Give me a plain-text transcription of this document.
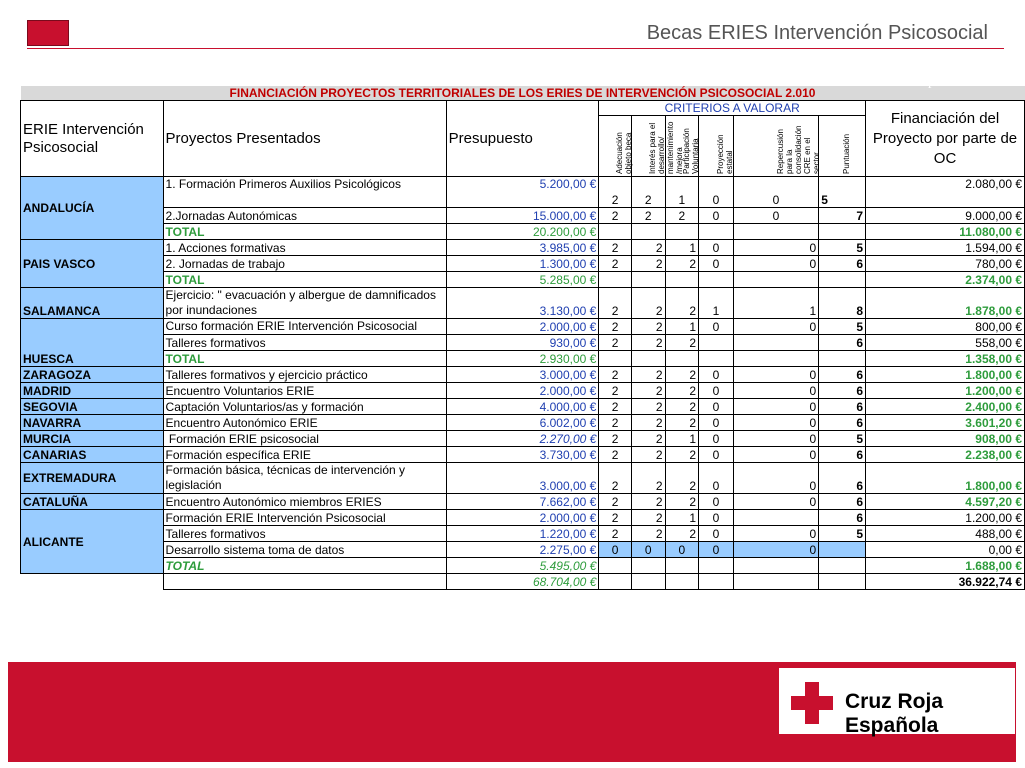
Becas ERIES Intervención Psicosocial
FINANCIACIÓN PROYECTOS TERRITORIALES DE LOS ERIES DE INTERVENCIÓN PSICOSOCIAL 2.010									
ERIE Intervención Psicosocial	Proyectos Presentados	Presupuesto	CRITERIOS A VALORAR						Financiación del Proyecto por parte de OC

			Adecuación objeto beca	Interés para el desarrollo/ mantenimiento /mejora	Participación Voluntaria	Proyección estatal	Repercusión para la consolidación CRE en el sector	Puntuación	

ANDALUCÍA	1. Formación Primeros Auxilios Psicológicos	5.200,00 €	2	2	1	0	0	5	2.080,00 €
	2.Jornadas Autonómicas	15.000,00 €	2	2	2	0	0	7	9.000,00 €
	TOTAL	20.200,00 €							11.080,00 €
PAIS VASCO	1. Acciones formativas	3.985,00 €	2	2	1	0	0	5	1.594,00 €
	2. Jornadas de trabajo	1.300,00 €	2	2	2	0	0	6	780,00 €
	TOTAL	5.285,00 €							2.374,00 €
SALAMANCA	Ejercicio: " evacuación y albergue de damnificados por inundaciones	3.130,00 €	2	2	2	1	1	8	1.878,00 €
HUESCA	Curso formación ERIE Intervención Psicosocial	2.000,00 €	2	2	1	0	0	5	800,00 €
	Talleres formativos	930,00 €	2	2	2			6	558,00 €
	TOTAL	2.930,00 €							1.358,00 €
ZARAGOZA	Talleres formativos y ejercicio práctico	3.000,00 €	2	2	2	0	0	6	1.800,00 €
MADRID	Encuentro Voluntarios ERIE	2.000,00 €	2	2	2	0	0	6	1.200,00 €
SEGOVIA	Captación Voluntarios/as y formación	4.000,00 €	2	2	2	0	0	6	2.400,00 €
NAVARRA	Encuentro Autonómico ERIE	6.002,00 €	2	2	2	0	0	6	3.601,20 €
MURCIA	Formación ERIE psicosocial	2.270,00 €	2	2	1	0	0	5	908,00 €
CANARIAS	Formación específica ERIE	3.730,00 €	2	2	2	0	0	6	2.238,00 €
EXTREMADURA	Formación básica, técnicas de intervención y legislación	3.000,00 €	2	2	2	0	0	6	1.800,00 €
CATALUÑA	Encuentro Autonómico miembros ERIES	7.662,00 €	2	2	2	0	0	6	4.597,20 €
ALICANTE	Formación ERIE Intervención Psicosocial	2.000,00 €	2	2	1	0		6	1.200,00 €
	Talleres formativos	1.220,00 €	2	2	2	0	0	5	488,00 €
	Desarrollo sistema toma de datos	2.275,00 €	0	0	0	0	0		0,00 €
	TOTAL	5.495,00 €							1.688,00 €
		68.704,00 €							36.922,74 €
Cruz Roja Española
Cada vez más cerca de las personas
